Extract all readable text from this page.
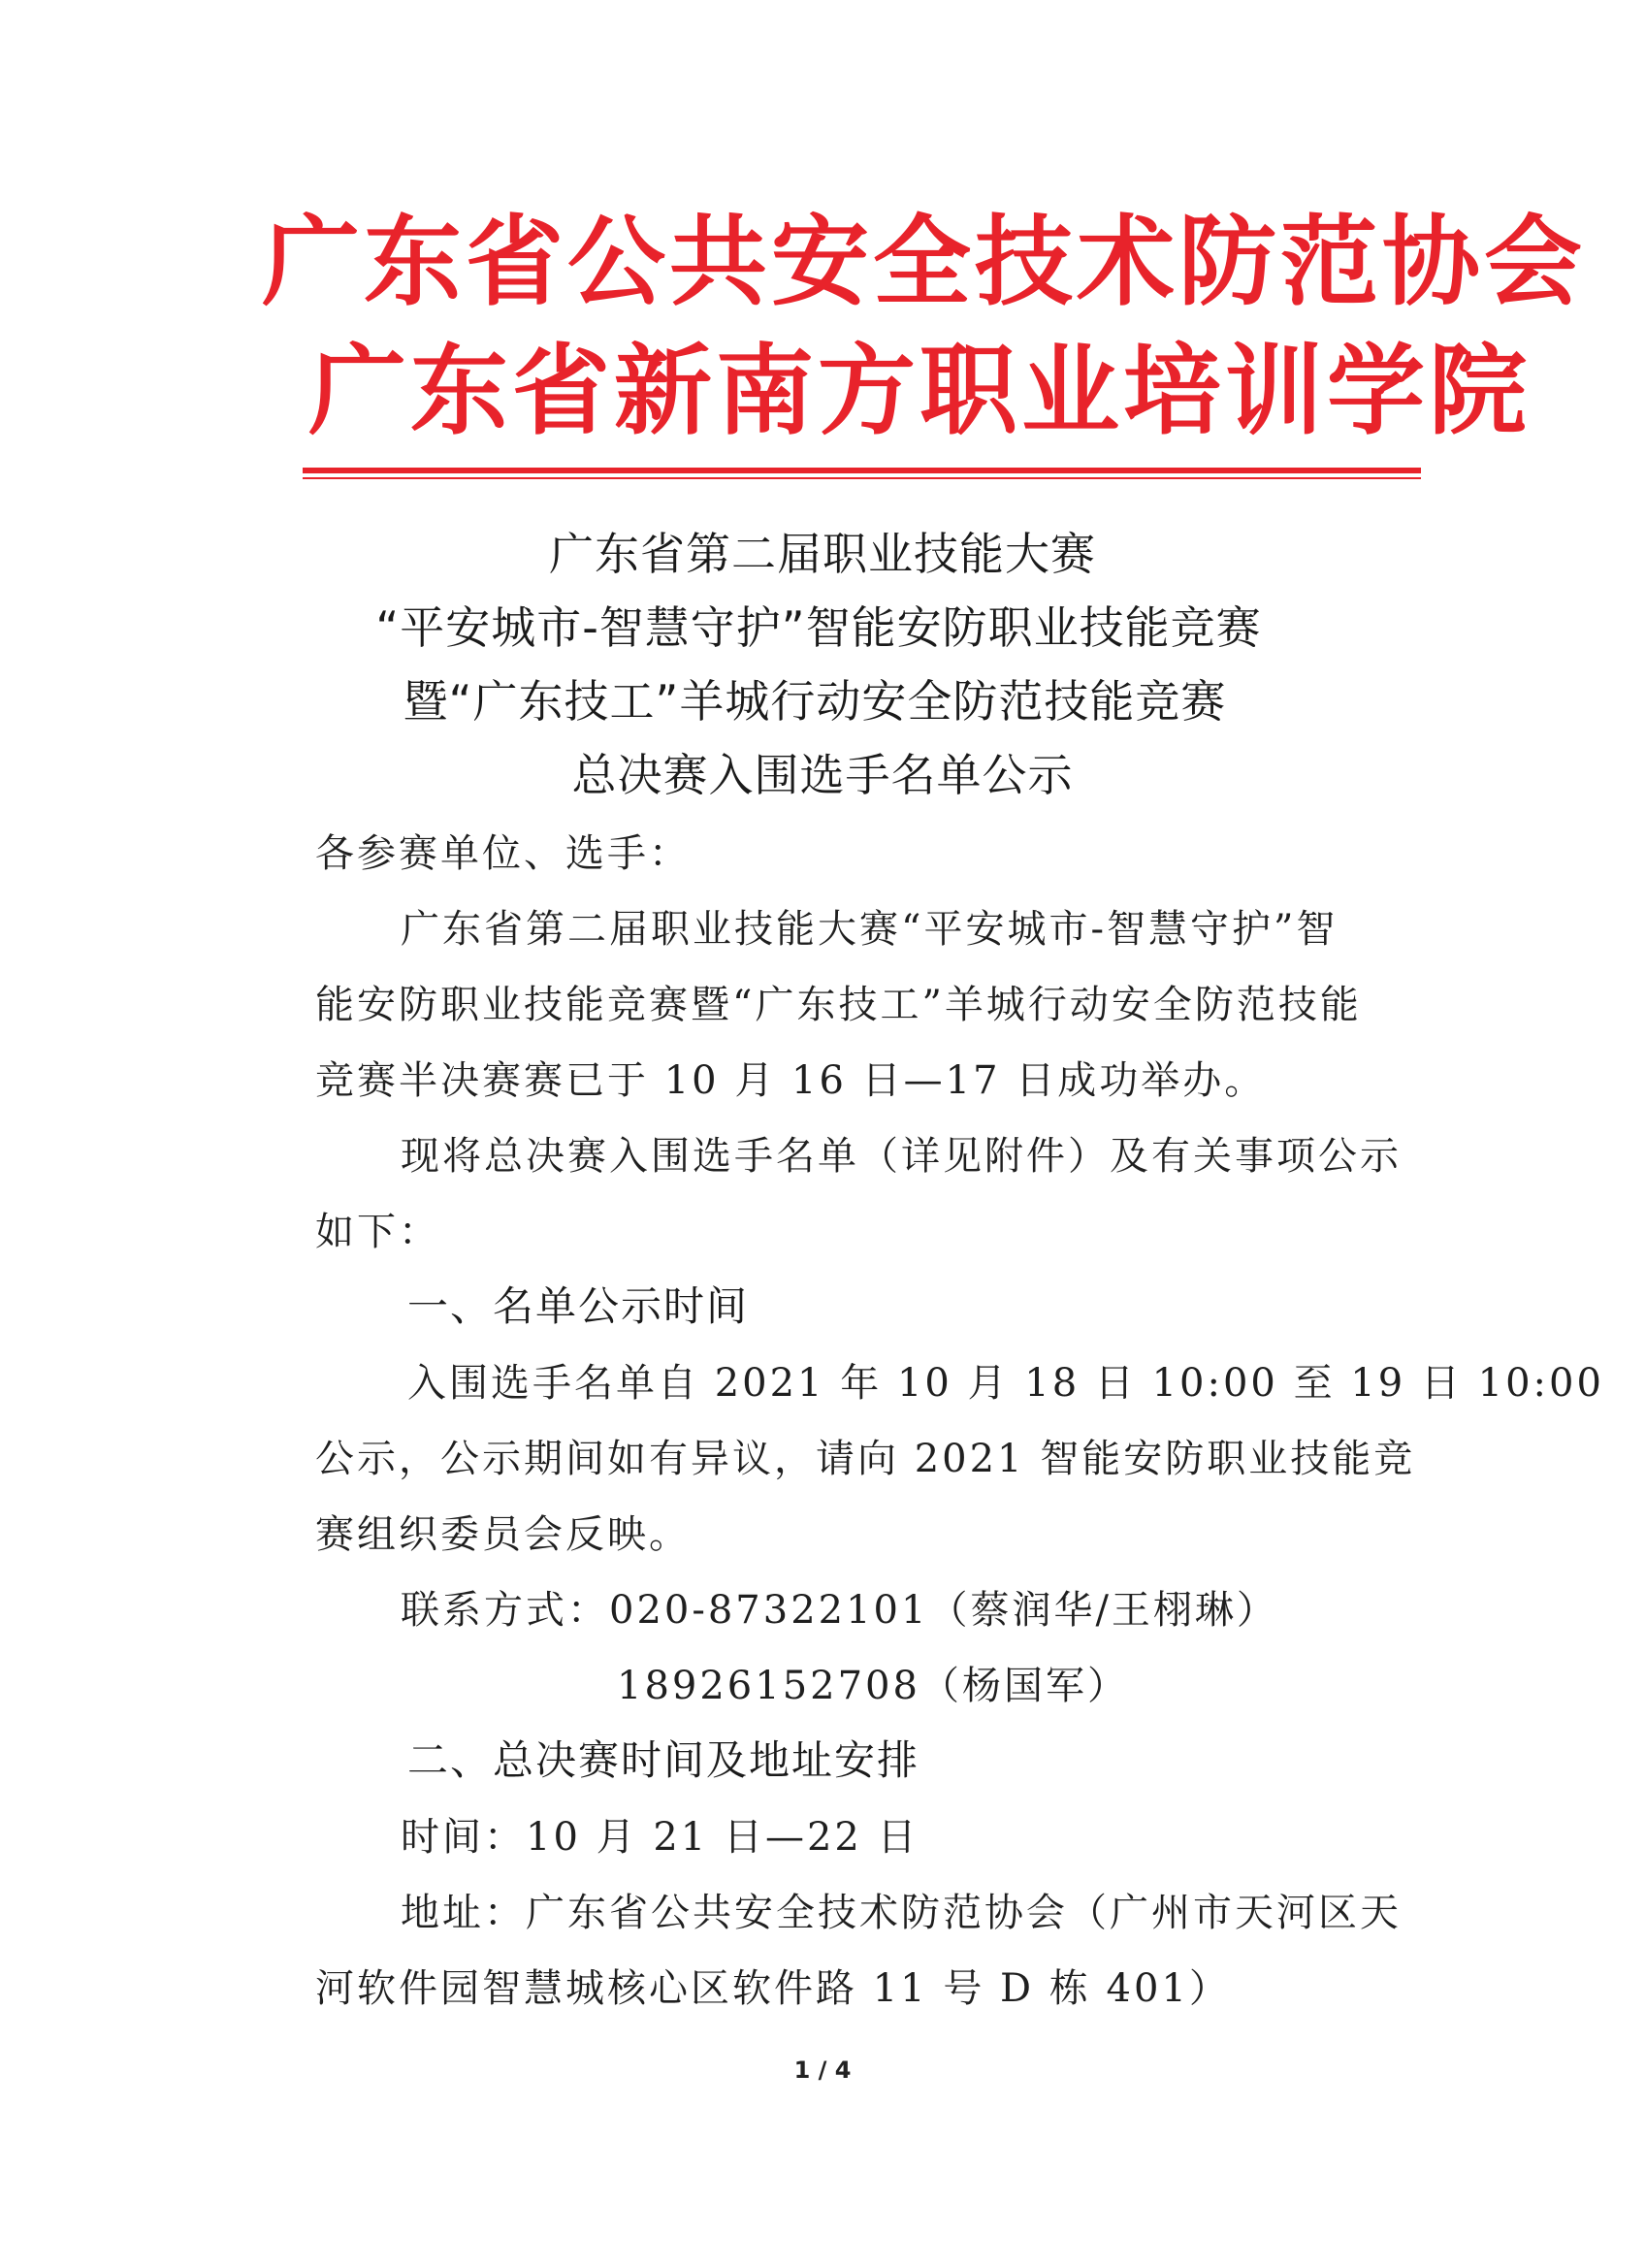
广东省公共安全技术防范协会
广东省新南方职业培训学院
广东省第二届职业技能大赛
“平安城市-智慧守护”智能安防职业技能竞赛
暨“广东技工”羊城行动安全防范技能竞赛
总决赛入围选手名单公示
各参赛单位、选手：
广东省第二届职业技能大赛“平安城市-智慧守护”智
能安防职业技能竞赛暨“广东技工”羊城行动安全防范技能
竞赛半决赛赛已于 10 月 16 日—17 日成功举办。
现将总决赛入围选手名单（详见附件）及有关事项公示
如下：
一、名单公示时间
入围选手名单自 2021 年 10 月 18 日 10:00 至 19 日 10:00
公示，公示期间如有异议，请向 2021 智能安防职业技能竞
赛组织委员会反映。
联系方式：020-87322101（蔡润华/王栩琳）
18926152708（杨国军）
二、总决赛时间及地址安排
时间：10 月 21 日—22 日
地址：广东省公共安全技术防范协会（广州市天河区天
河软件园智慧城核心区软件路 11 号 D 栋 401）
1 / 4
